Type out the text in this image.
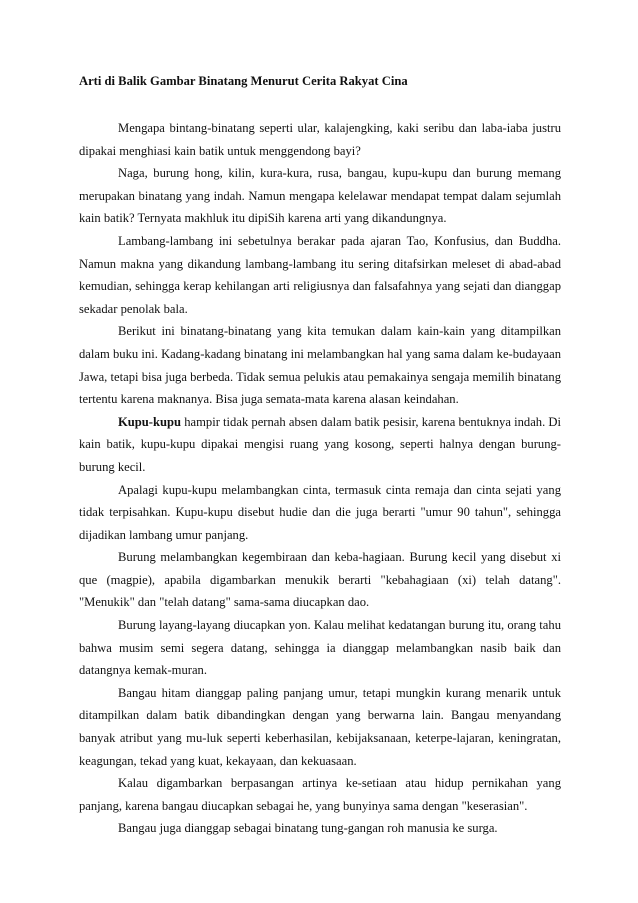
Arti di Balik Gambar Binatang Menurut Cerita Rakyat Cina

Mengapa bintang-binatang seperti ular, kalajengking, kaki seribu dan laba-iaba justru dipakai menghiasi kain batik untuk menggendong bayi?

Naga, burung hong, kilin, kura-kura, rusa, bangau, kupu-kupu dan burung memang merupakan binatang yang indah. Namun mengapa kelelawar mendapat tempat dalam sejumlah kain batik? Ternyata makhluk itu dipiSih karena arti yang dikandungnya.

Lambang-lambang ini sebetulnya berakar pada ajaran Tao, Konfusius, dan Buddha. Namun makna yang dikandung lambang-lambang itu sering ditafsirkan meleset di abad-abad kemudian, sehingga kerap kehilangan arti religiusnya dan falsafahnya yang sejati dan dianggap sekadar penolak bala.

Berikut ini binatang-binatang yang kita temukan dalam kain-kain yang ditampilkan dalam buku ini. Kadang-kadang binatang ini melambangkan hal yang sama dalam ke-budayaan Jawa, tetapi bisa juga berbeda. Tidak semua pelukis atau pemakainya sengaja memilih binatang tertentu karena maknanya. Bisa juga semata-mata karena alasan keindahan.

Kupu-kupu hampir tidak pernah absen dalam batik pesisir, karena bentuknya indah. Di kain batik, kupu-kupu dipakai mengisi ruang yang kosong, seperti halnya dengan burung-burung kecil.

Apalagi kupu-kupu melambangkan cinta, termasuk cinta remaja dan cinta sejati yang tidak terpisahkan. Kupu-kupu disebut hudie dan die juga berarti "umur 90 tahun", sehingga dijadikan lambang umur panjang.

Burung melambangkan kegembiraan dan keba-hagiaan. Burung kecil yang disebut xi que (magpie), apabila digambarkan menukik berarti "kebahagiaan (xi) telah datang". "Menukik" dan "telah datang" sama-sama diucapkan dao.

Burung layang-layang diucapkan yon. Kalau melihat kedatangan burung itu, orang tahu bahwa musim semi segera datang, sehingga ia dianggap melambangkan nasib baik dan datangnya kemak-muran.

Bangau hitam dianggap paling panjang umur, tetapi mungkin kurang menarik untuk ditampilkan dalam batik dibandingkan dengan yang berwarna lain. Bangau menyandang banyak atribut yang mu-luk seperti keberhasilan, kebijaksanaan, keterpe-lajaran, keningratan, keagungan, tekad yang kuat, kekayaan, dan kekuasaan.

Kalau digambarkan berpasangan artinya ke-setiaan atau hidup pernikahan yang panjang, karena bangau diucapkan sebagai he, yang bunyinya sama dengan "keserasian".

Bangau juga dianggap sebagai binatang tung-gangan roh manusia ke surga.
